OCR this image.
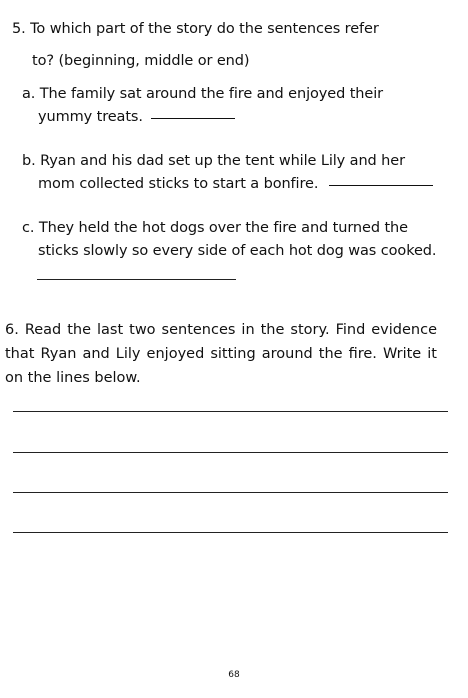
5. To which part of the story do the sentences refer
to? (beginning, middle or end)
a. The family sat around the fire and enjoyed their
yummy treats.
b. Ryan and his dad set up the tent while Lily and her
mom collected sticks to start a bonfire.
c. They held the hot dogs over the fire and turned the
sticks slowly so every side of each hot dog was cooked.
6. Read the last two sentences in the story. Find evidence that Ryan and Lily enjoyed sitting around the fire. Write it on the lines below.
68
